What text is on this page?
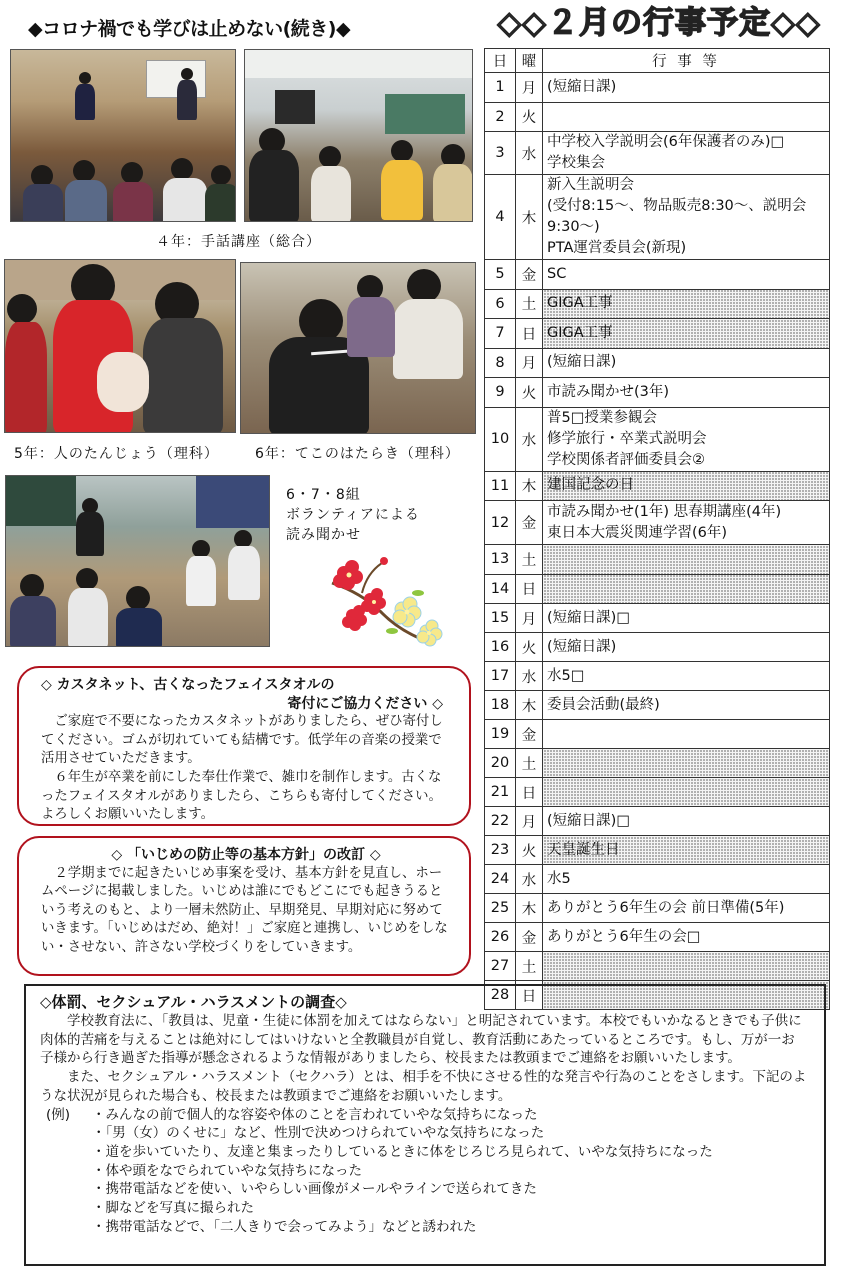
◆コロナ禍でも学びは止めない(続き)◆
４年：手話講座（総合）
5年：人のたんじょう（理科）	6年：てこのはたらき（理科）
6・7・8組
ボランティアによる
読み聞かせ
◇ カスタネット、古くなったフェイスタオルの
寄付にご協力ください ◇

ご家庭で不要になったカスタネットがありましたら、ぜひ寄付してください。ゴムが切れていても結構です。低学年の音楽の授業で活用させていただきます。

６年生が卒業を前にした奉仕作業で、雑巾を制作します。古くなったフェイスタオルがありましたら、こちらも寄付してください。よろしくお願いいたします。

◇ 「いじめの防止等の基本方針」の改訂 ◇

２学期までに起きたいじめ事案を受け、基本方針を見直し、ホームページに掲載しました。いじめは誰にでもどこにでも起きうるという考えのもと、より一層未然防止、早期発見、早期対応に努めていきます。「いじめはだめ、絶対！」ご家庭と連携し、いじめをしない・させない、許さない学校づくりをしていきます。

◇◇２月の行事予定◇◇
日	曜	行 事 等
1	月	(短縮日課)

2	火	
3	水	中学校入学説明会(6年保護者のみ)□
学校集会

4	木	新入生説明会
(受付8:15～、物品販売8:30～、説明会9:30～)
PTA運営委員会(新現)

5	金	SC

6	土	GIGA工事

7	日	GIGA工事

8	月	(短縮日課)

9	火	市読み聞かせ(3年)

10	水	普5□授業参観会
修学旅行・卒業式説明会
学校関係者評価委員会②

11	木	建国記念の日

12	金	市読み聞かせ(1年) 思春期講座(4年)
東日本大震災関連学習(6年)

13	土	
14	日	
15	月	(短縮日課)□

16	火	(短縮日課)

17	水	水5□

18	木	委員会活動(最終)

19	金	
20	土	
21	日	
22	月	(短縮日課)□

23	火	天皇誕生日

24	水	水5

25	木	ありがとう6年生の会 前日準備(5年)

26	金	ありがとう6年生の会□

27	土	
28	日	
◇体罰、セクシュアル・ハラスメントの調査◇

学校教育法に、「教員は、児童・生徒に体罰を加えてはならない」と明記されています。本校でもいかなるときでも子供に肉体的苦痛を与えることは絶対にしてはいけないと全教職員が自覚し、教育活動にあたっているところです。もし、万が一お子様から行き過ぎた指導が懸念されるような情報がありましたら、校長または教頭までご連絡をお願いいたします。

また、セクシュアル・ハラスメント（セクハラ）とは、相手を不快にさせる性的な発言や行為のことをさします。下記のような状況が見られた場合も、校長または教頭までご連絡をお願いいたします。

(例)	・みんなの前で個人的な容姿や体のことを言われていやな気持ちになった
・「男（女）のくせに」など、性別で決めつけられていやな気持ちになった
・道を歩いていたり、友達と集まったりしているときに体をじろじろ見られて、いやな気持ちになった
・体や頭をなでられていやな気持ちになった
・携帯電話などを使い、いやらしい画像がメールやラインで送られてきた
・脚などを写真に撮られた
・携帯電話などで、「二人きりで会ってみよう」などと誘われた
